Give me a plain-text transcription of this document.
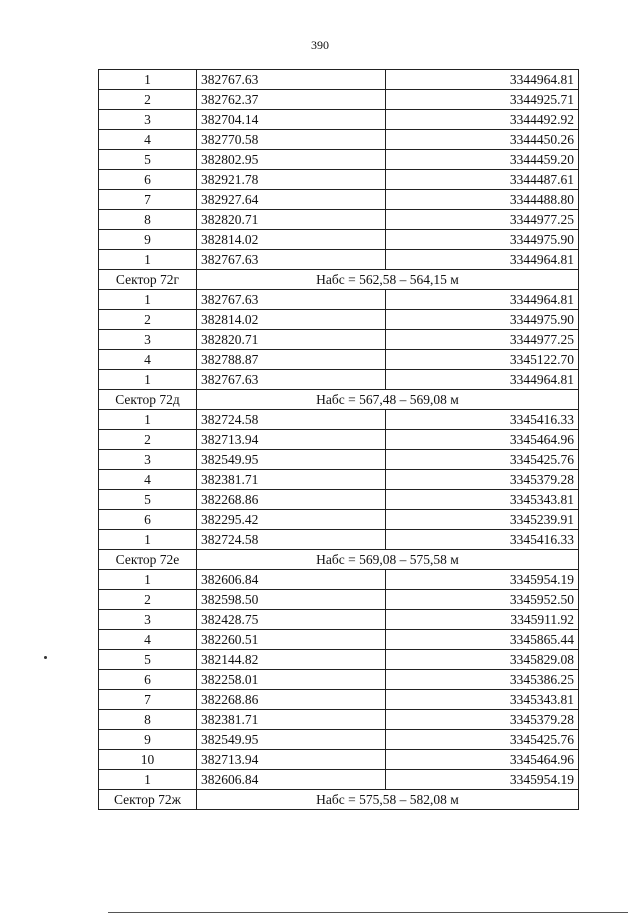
390
1	382767.63	3344964.81
2	382762.37	3344925.71
3	382704.14	3344492.92
4	382770.58	3344450.26
5	382802.95	3344459.20
6	382921.78	3344487.61
7	382927.64	3344488.80
8	382820.71	3344977.25
9	382814.02	3344975.90
1	382767.63	3344964.81
Сектор 72г	Набс = 562,58 – 564,15 м	
1	382767.63	3344964.81
2	382814.02	3344975.90
3	382820.71	3344977.25
4	382788.87	3345122.70
1	382767.63	3344964.81
Сектор 72д	Набс = 567,48 – 569,08 м	
1	382724.58	3345416.33
2	382713.94	3345464.96
3	382549.95	3345425.76
4	382381.71	3345379.28
5	382268.86	3345343.81
6	382295.42	3345239.91
1	382724.58	3345416.33
Сектор 72е	Набс = 569,08 – 575,58 м	
1	382606.84	3345954.19
2	382598.50	3345952.50
3	382428.75	3345911.92
4	382260.51	3345865.44
5	382144.82	3345829.08
6	382258.01	3345386.25
7	382268.86	3345343.81
8	382381.71	3345379.28
9	382549.95	3345425.76
10	382713.94	3345464.96
1	382606.84	3345954.19
Сектор 72ж	Набс = 575,58 – 582,08 м	
